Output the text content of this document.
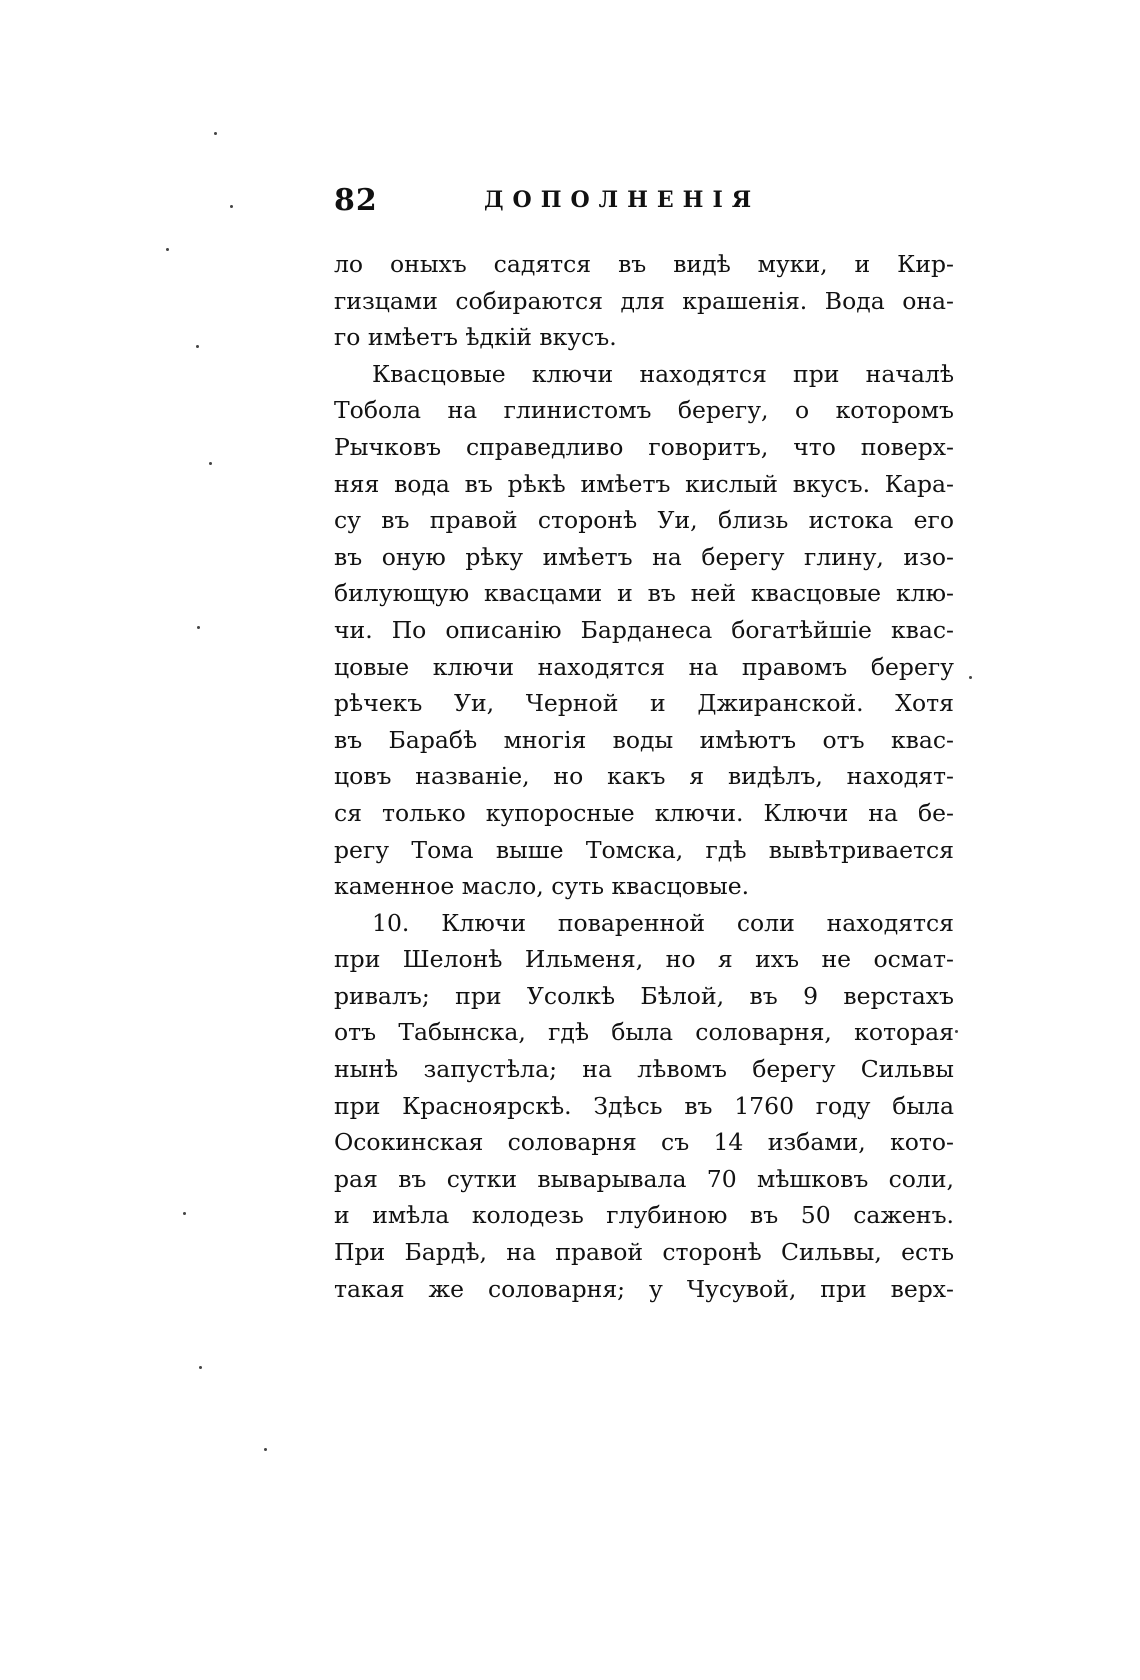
82	ДОПОЛНЕНІЯ
ло оныхъ садятся въ видѣ муки, и Кир-
гизцами собираются для крашенія. Вода она-
го имѣетъ ѣдкій вкусъ.
Квасцовые ключи находятся при началѣ
Тобола на глинистомъ берегу, о которомъ
Рычковъ справедливо говоритъ, что поверх-
няя вода въ рѣкѣ имѣетъ кислый вкусъ. Кара-
су въ правой сторонѣ Уи, близь истока его
въ оную рѣку имѣетъ на берегу глину, изо-
билующую квасцами и въ ней квасцовые клю-
чи. По описанію Барданеса богатѣйшіе квас-
цовые ключи находятся на правомъ берегу
рѣчекъ Уи, Черной и Джиранской. Хотя
въ Барабѣ многія воды имѣютъ отъ квас-
цовъ названіе, но какъ я видѣлъ, находят-
ся только купоросные ключи. Ключи на бе-
регу Тома выше Томска, гдѣ вывѣтривается
каменное масло, суть квасцовые.
10. Ключи поваренной соли находятся
при Шелонѣ Ильменя, но я ихъ не осмат-
ривалъ; при Усолкѣ Бѣлой, въ 9 верстахъ
отъ Табынска, гдѣ была соловарня, которая
нынѣ запустѣла; на лѣвомъ берегу Сильвы
при Красноярскѣ. Здѣсь въ 1760 году была
Осокинская соловарня съ 14 избами, кото-
рая въ сутки выварывала 70 мѣшковъ соли,
и имѣла колодезь глубиною въ 50 саженъ.
При Бардѣ, на правой сторонѣ Сильвы, есть
такая же соловарня; у Чусувой, при верх-
